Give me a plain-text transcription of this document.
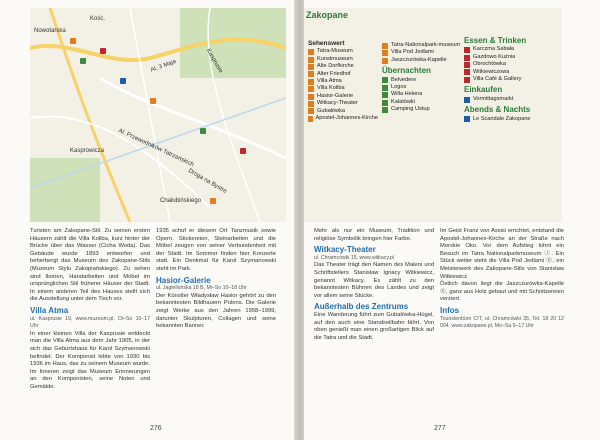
Nowotarska
Kośc.
Al. 3 Maja	Kasprusie
Al. Przewodników Tatrzańskich
Kasprowicza
Droga na Bystre
Chałubińskiego

Turisten am Zakopane-Stil. Zu seinen ersten Häusern zählt die Villa Koliba, kurz hinter der Brücke über das Wasser (Cicha Woda). Das Gebäude wurde 1893 entworfen und beherbergt das Museum des Zakopane-Stils (Muzeum Stylu Zakopiańskiego). Zu sehen sind Ikonen, Handarbeiten und Möbel im ursprünglichen Stil früherer Häuser der Stadt. In einem anderen Teil des Hauses stellt sich die Ausstellung unter dem Tisch vor.

Villa Atma

ul. Kasprusie 19, www.muzeum.pl, Di–So 10–17 Uhr

In einer kleinen Villa der Kasprusie entdeckt man die Villa Atma aus dem Jahr 1905, in der sich das Geburtshaus für Karol Szymanowski befindet. Der Komponist lebte von 1930 bis 1936 im Haus, das zu seinem Museum wurde. Im Inneren zeigt das Museum Erinnerungen an den Komponisten, seine Noten und Gemälde.

1935 schuf er diesem Ort Tanzmusik sowie Opern. Stickereien, Steinarbeiten und die Möbel zeugen von seiner Verbundenheit mit der Stadt. Im Sommer finden hier Konzerte statt. Ein Denkmal für Karol Szymanowski steht im Park.

Hasior-Galerie

ul. Jagiellońska 18 B, Mi–So 10–18 Uhr

Der Künstler Władysław Hasior gehört zu den bekanntesten Bildhauern Polens. Die Galerie zeigt Werke aus den Jahren 1958–1999, darunter Skulpturen, Collagen und seine bekannten Banner.

276
Zakopane
Sehenswert
Tatra-Museum
Kunstmuseum
Alte Dorfkirche
Alter Friedhof
Villa Atma
Villa Koliba
Hasior-Galerie
Witkacy-Theater
Gubałówka
Apostel-Johannes-Kirche
Tatra-Nationalpark-museum
Villa Pod Jedlami
Jaszczurówka-Kapelle
Übernachten
Belvedere
Logos
Willa Helena
Kalatówki
Camping Ustup
Essen & Trinken
Karczma Sabała
Gazdowo Kuźnia
Obrochtówka
Witkiewiczowa
Villa Café & Gallery
Einkaufen
Vormittagsmarkt
Abends & Nachts
Le Scandale Zakopane

Mehr als nur ein Museum, Tradition und religiöse Symbolik bringen hier Farbe.

Witkacy-Theater

ul. Chramcówki 15, www.witkacy.pl

Das Theater trägt den Namen des Malers und Schriftstellers Stanisław Ignacy Witkiewicz, genannt Witkacy. Es zählt zu den bekanntesten Bühnen des Landes und zeigt vor allem seine Stücke.

Außerhalb des Zentrums

Eine Wanderung führt zum Gubałówka-Hügel, auf den auch eine Standseilbahn fährt. Von oben genießt man einen großartigen Blick auf die Tatra und die Stadt.

Im Geist Franz von Assisi errichtet, entstand die Apostel-Johannes-Kirche an der Straße nach Morskie Oko. Vor dem Aufstieg lohnt ein Besuch im Tatra Nationalparkmuseum Ⓙ. Ein Stück weiter steht die Villa Pod Jedlami Ⓡ, ein Meisterwerk des Zakopane-Stils von Stanisław Witkiewicz.

Östlich davon liegt die Jaszczurówka-Kapelle Ⓚ, ganz aus Holz gebaut und mit Schnitzereien verziert.

Infos

Touristenbüro CIT, ul. Chramcówki 35, Tel. 18 20 12 004, www.zakopane.pl, Mo–Sa 9–17 Uhr

277
